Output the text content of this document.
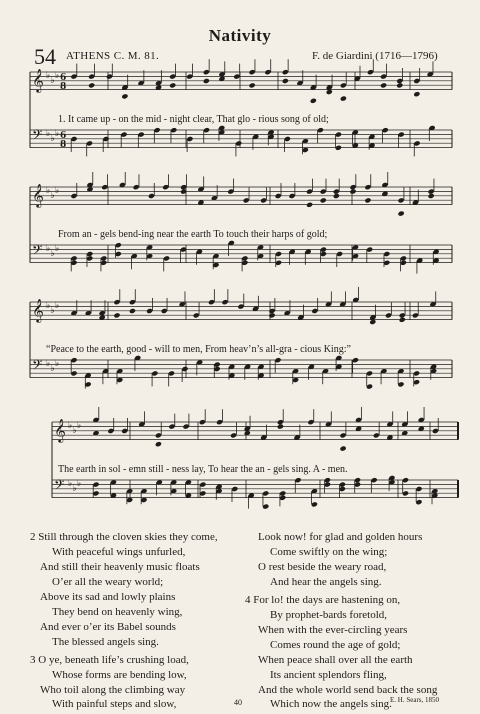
Nativity
54 ATHENS C. M. 81.	F. de Giardini (1716—1796)
𝄞 ♭ ♭ ♭ 6
8
𝄢 ♭ ♭ ♭ 6
8
𝄞 ♭ ♭ ♭
𝄢 ♭ ♭ ♭
𝄞 ♭ ♭ ♭
𝄢 ♭ ♭ ♭
𝄞 ♭ ♭ ♭
𝄢 ♭ ♭ ♭
1. It came up - on the mid - night clear, That glo - rious song of old;
From an - gels bend-ing near the earth To touch their harps of gold;
“Peace to the earth, good - will to men, From heav’n’s all-gra - cious King:”
The earth in sol - emn still - ness lay, To hear the an - gels sing. A - men.
2 Still through the cloven skies they come,
With peaceful wings unfurled,
And still their heavenly music floats
O’er all the weary world;
Above its sad and lowly plains
They bend on heavenly wing,
And ever o’er its Babel sounds
The blessed angels sing.
3 O ye, beneath life’s crushing load,
Whose forms are bending low,
Who toil along the climbing way
With painful steps and slow,
Look now! for glad and golden hours
Come swiftly on the wing;
O rest beside the weary road,
And hear the angels sing.
4 For lo! the days are hastening on,
By prophet-bards foretold,
When with the ever-circling years
Comes round the age of gold;
When peace shall over all the earth
Its ancient splendors fling,
And the whole world send back the song
Which now the angels sing.
40	E. H. Sears, 1850
